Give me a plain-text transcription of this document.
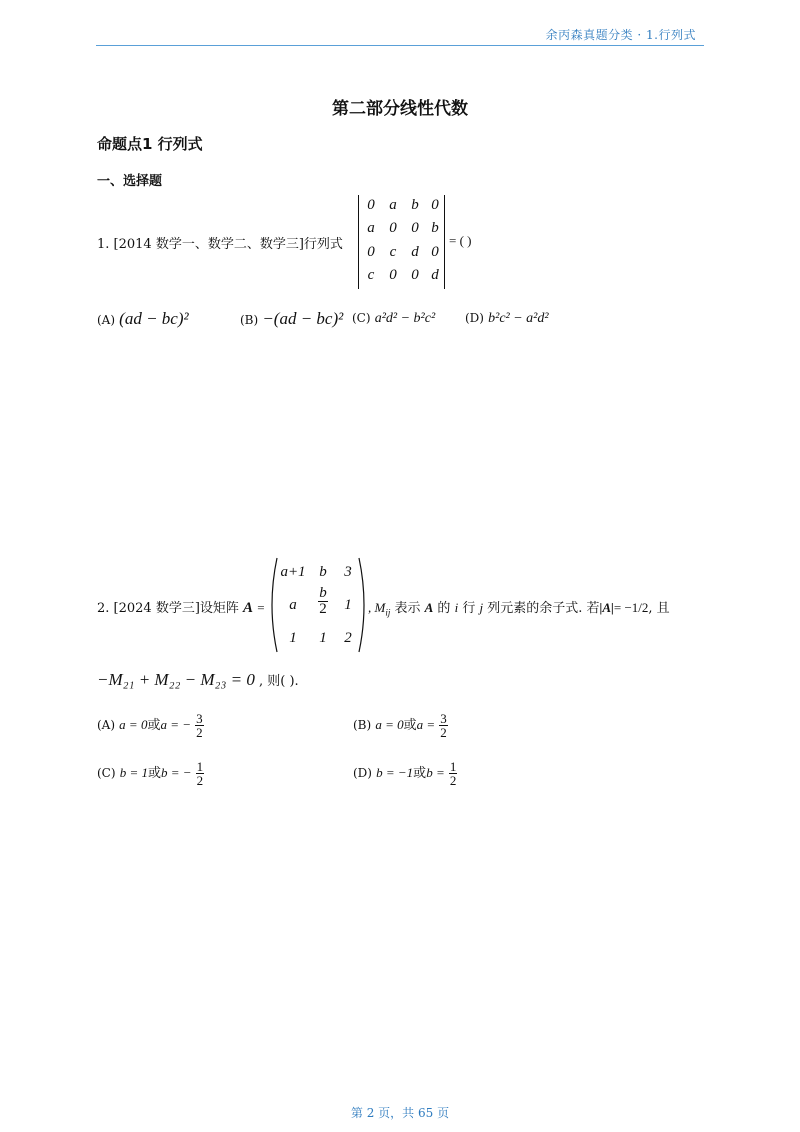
余丙森真题分类 · 1.行列式
第二部分线性代数
命题点1 行列式
一、选择题
1. [2014 数学一、数学二、数学三]行列式
0 a b 0
a 0 0 b
0 c d 0
c 0 0 d
= ( )
(A) (ad − bc)²	(B) −(ad − bc)² (C) a²d² − b²c² (D) b²c² − a²d²
2. [2024 数学三]设矩阵 A =
a+1 b	3
a	$\frac{b}{2}$	1
1	1	2
, $M_{ij}$ 表示 A 的 i 行 j 列元素的余子式. 若|A|= −1/2, 且
−M₂₁ + M₂₂ − M₂₃ = 0 , 则( ).
(A) a = 0或a = − $\frac{3}{2}$	(B) a = 0或$a = \frac{3}{2}$
(C) b = 1或b = − $\frac{1}{2}$	(D) b = −1或$b = \frac{1}{2}$
第 2 页，共 65 页
